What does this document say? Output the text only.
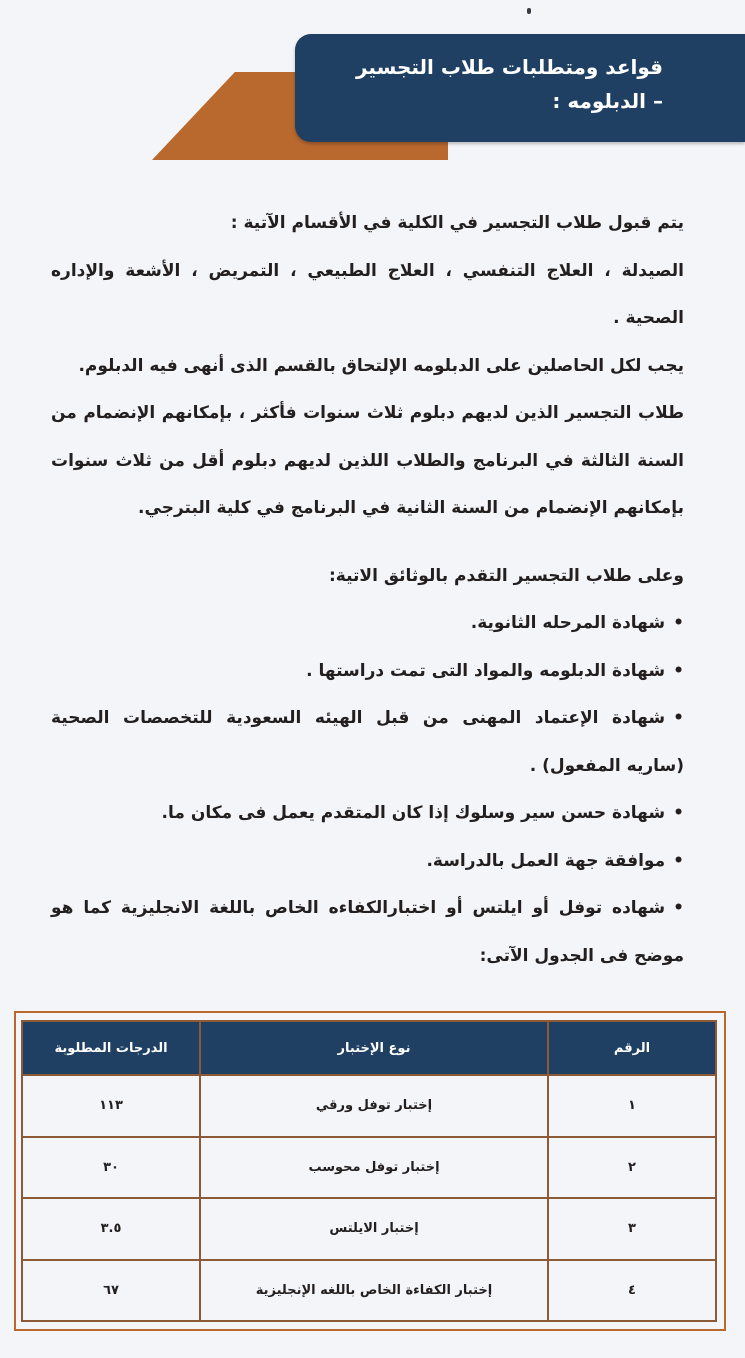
قواعد ومتطلبات طلاب التجسير
– الدبلومه :

يتم قبول طلاب التجسير في الكلية في الأقسام الآتية :

الصيدلة ، العلاج التنفسي ، العلاج الطبيعي ، التمريض ، الأشعة والإداره الصحية .

يجب لكل الحاصلين على الدبلومه الإلتحاق بالقسم الذى أنهى فيه الدبلوم.

طلاب التجسير الذين لديهم دبلوم ثلاث سنوات فأكثر ، بإمكانهم الإنضمام من السنة الثالثة في البرنامج والطلاب اللذين لديهم دبلوم أقل من ثلاث سنوات بإمكانهم الإنضمام من السنة الثانية في البرنامج في كلية البترجي.

وعلى طلاب التجسير التقدم بالوثائق الاتية:

• شهادة المرحله الثانوية.

• شهادة الدبلومه والمواد التى تمت دراستها .

• شهادة الإعتماد المهنى من قبل الهيئه السعودية للتخصصات الصحية (ساريه المفعول) .

• شهادة حسن سير وسلوك إذا كان المتقدم يعمل فى مكان ما.

• موافقة جهة العمل بالدراسة.

• شهاده توفل أو ايلتس أو اختبارالكفاءه الخاص باللغة الانجليزية كما هو موضح فى الجدول الآتى:

الرقم	نوع الإختبار	الدرجات المطلوبة
١	إختبار توفل ورقي	١١٣
٢	إختبار توفل محوسب	٣٠
٣	إختبار الايلتس	٣.٥
٤	إختبار الكفاءة الخاص باللغه الإنجليزية	٦٧
